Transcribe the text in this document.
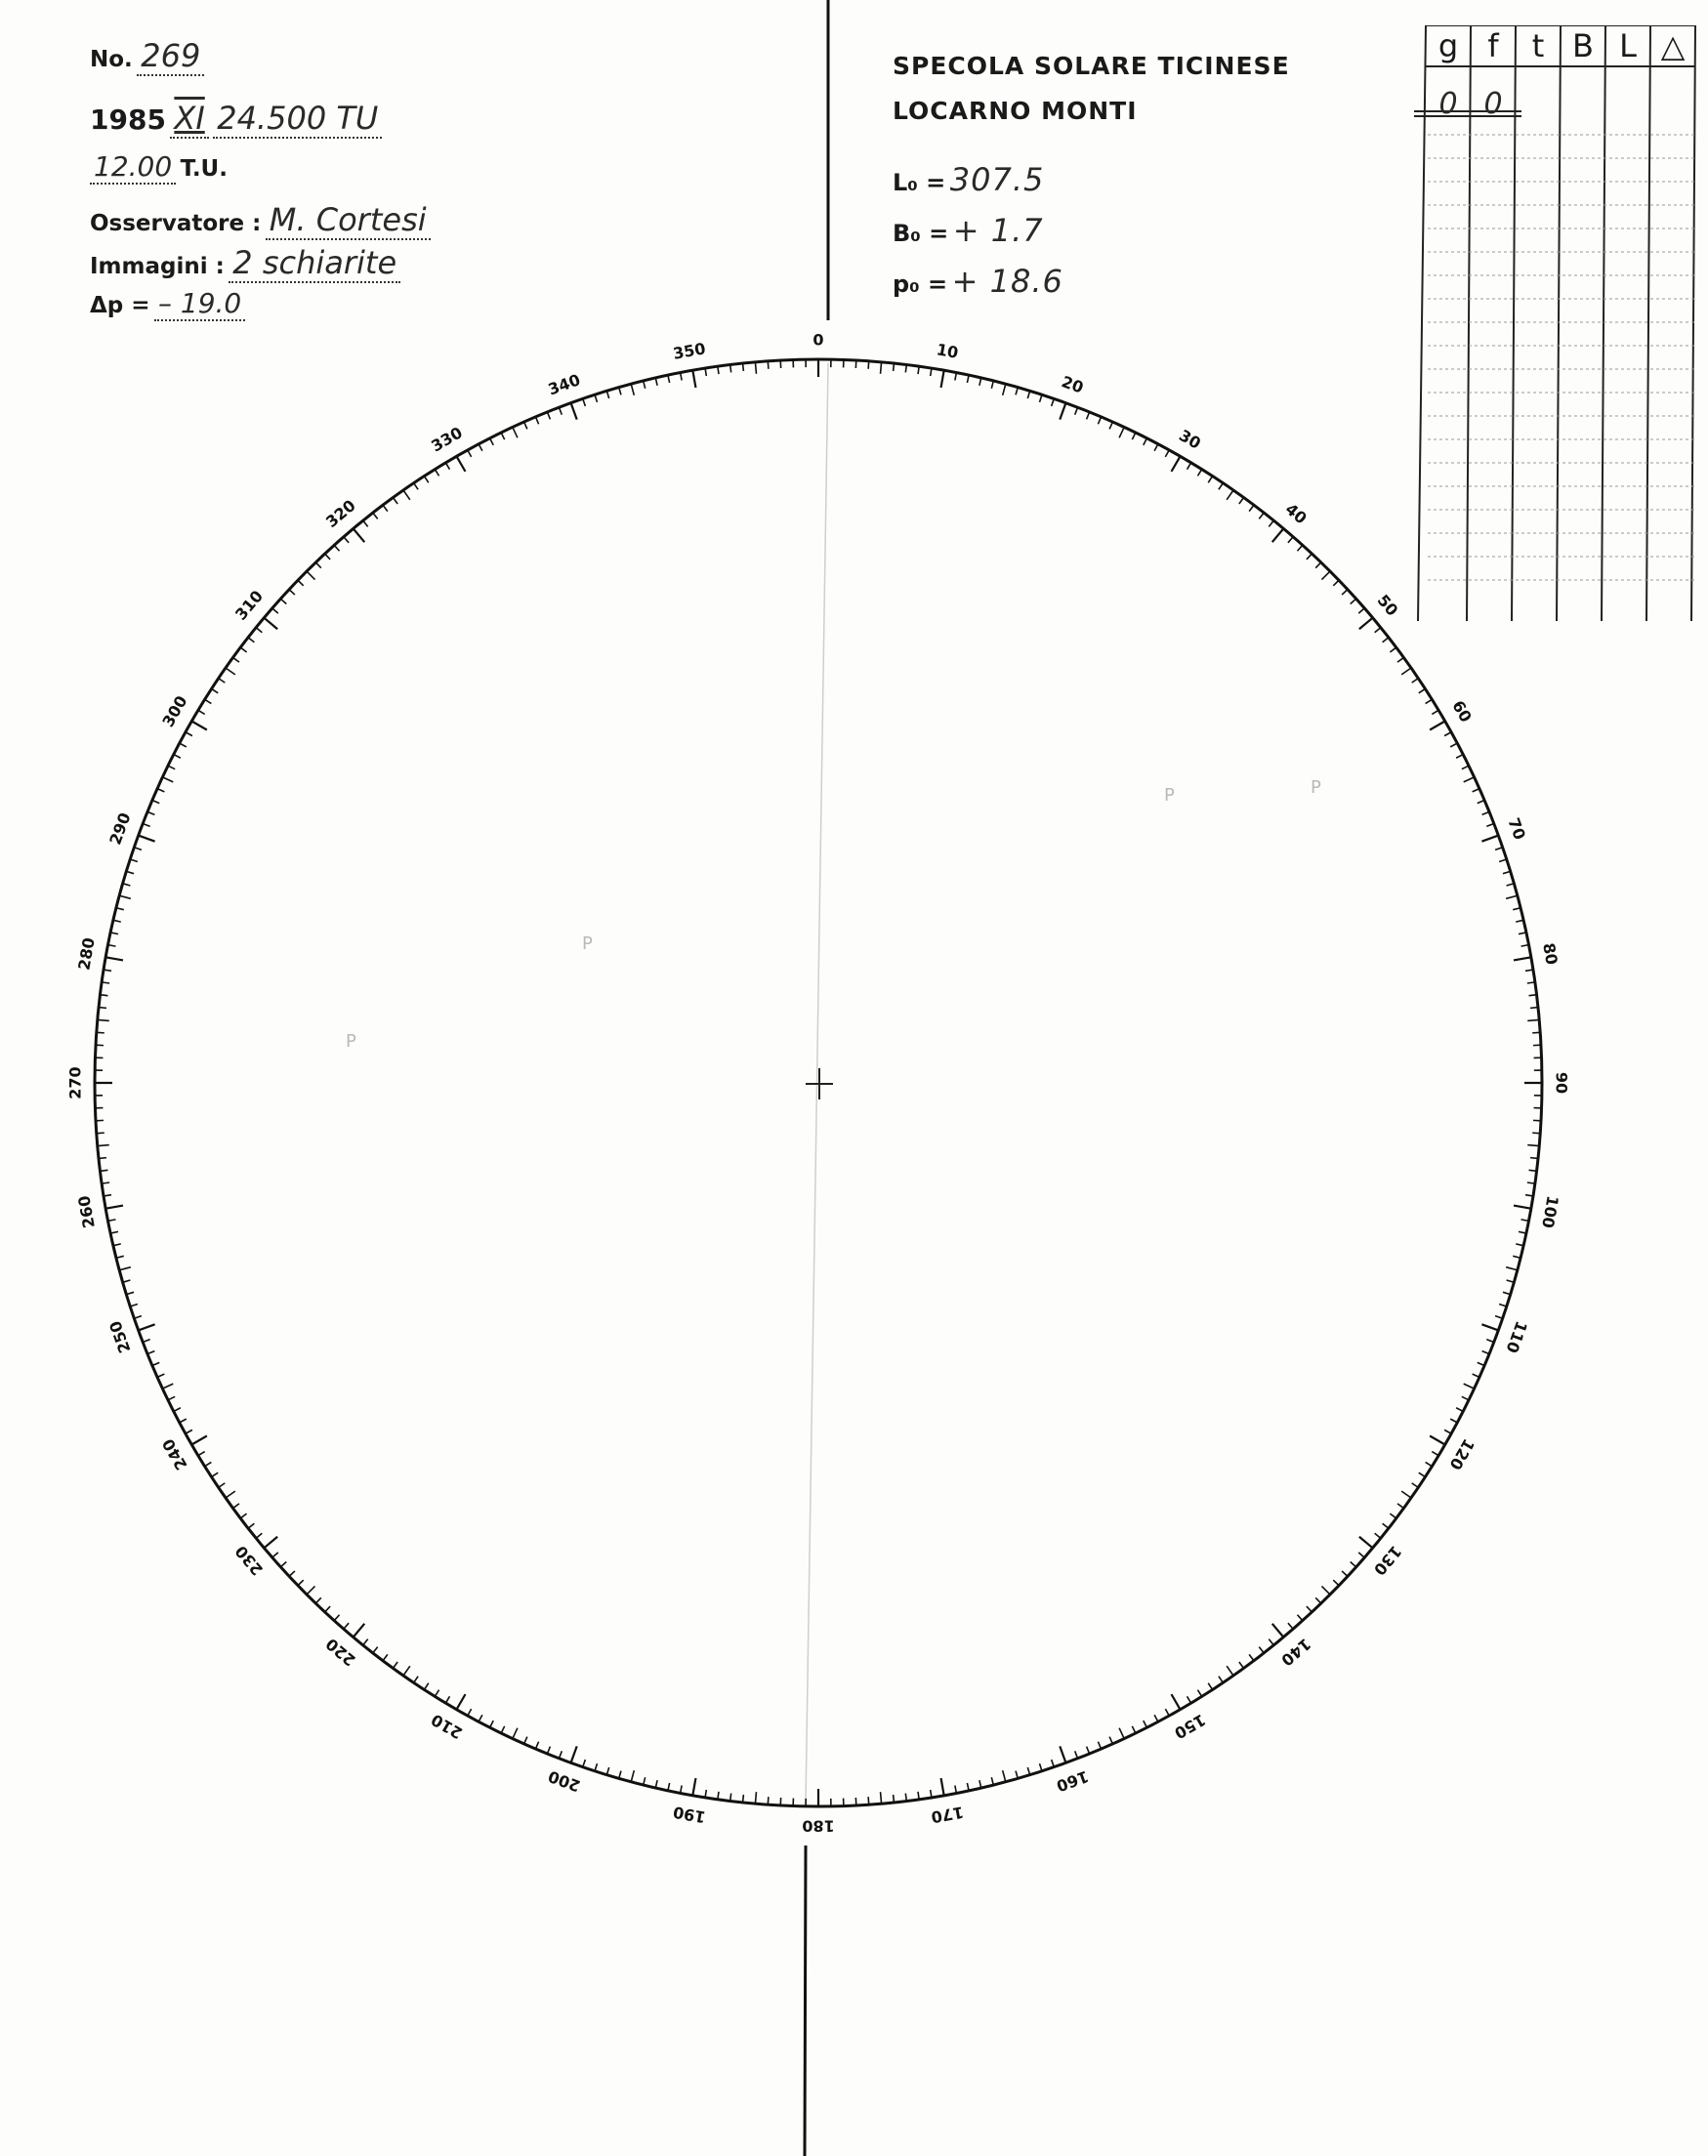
No. 269
1985 XI 24.500 TU
12.00 T.U.
Osservatore : M. Cortesi
Immagini : 2 schiarite
Δp = – 19.0
SPECOLA SOLARE TICINESE
LOCARNO MONTI
L₀ = 307.5
B₀ = + 1.7
p₀ = + 18.6
g f	t B L △
0 0
0
10
20
30
40
50
60
70
80
90
100
110
120
130
140
150
160
170
180
190
200
210
220
230
240
250
260
270
280
290
300
310
320
330
340
350
P	P
P
P
